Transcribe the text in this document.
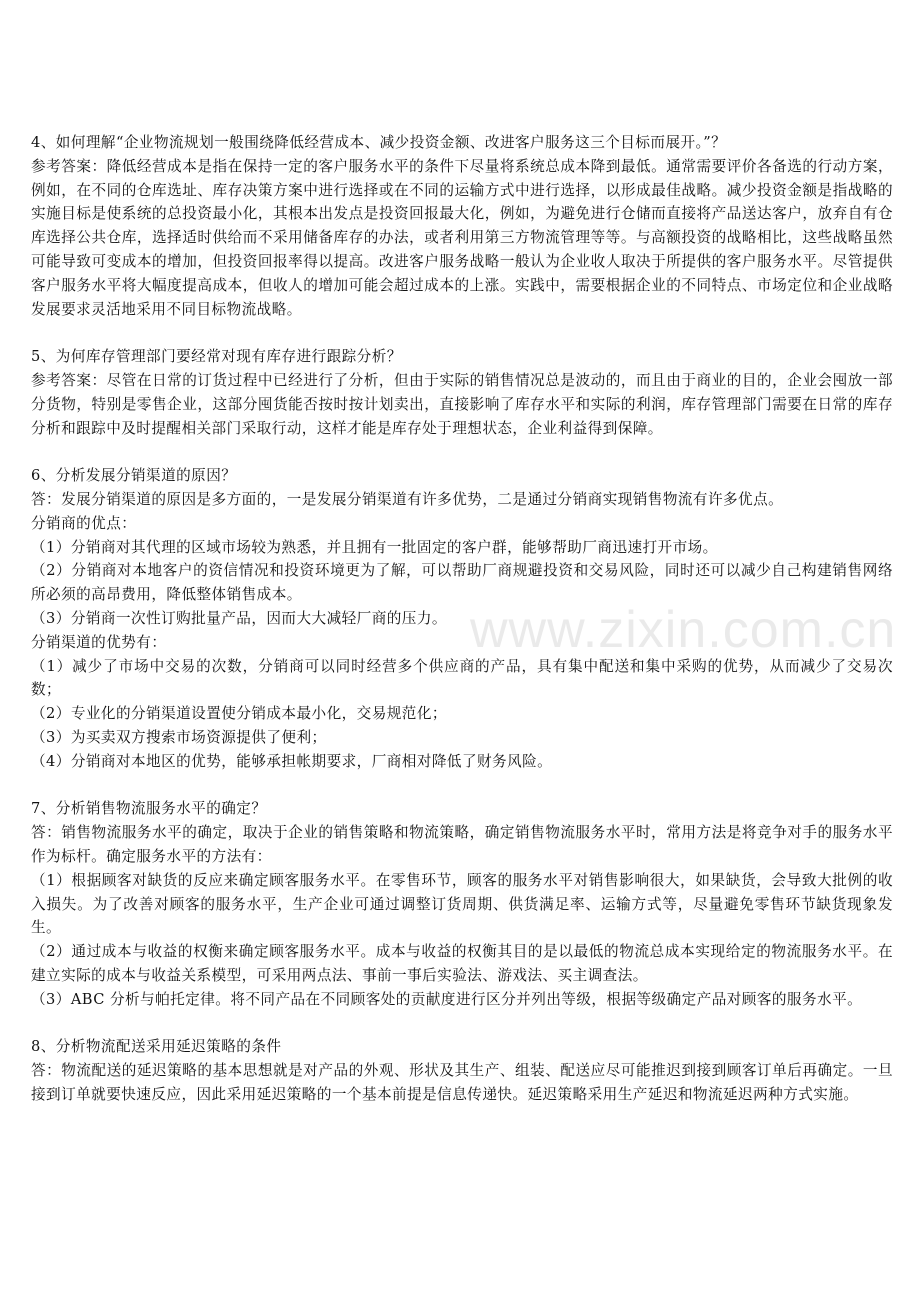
4、如何理解“企业物流规划一般围绕降低经营成本、减少投资金额、改进客户服务这三个目标而展开。”？

参考答案：降低经营成本是指在保持一定的客户服务水平的条件下尽量将系统总成本降到最低。通常需要评价各备选的行动方案，例如，在不同的仓库选址、库存决策方案中进行选择或在不同的运输方式中进行选择，以形成最佳战略。减少投资金额是指战略的实施目标是使系统的总投资最小化，其根本出发点是投资回报最大化，例如，为避免进行仓储而直接将产品送达客户，放弃自有仓库选择公共仓库，选择适时供给而不采用储备库存的办法，或者利用第三方物流管理等等。与高额投资的战略相比，这些战略虽然可能导致可变成本的增加，但投资回报率得以提高。改进客户服务战略一般认为企业收人取决于所提供的客户服务水平。尽管提供客户服务水平将大幅度提高成本，但收人的增加可能会超过成本的上涨。实践中，需要根据企业的不同特点、市场定位和企业战略发展要求灵活地采用不同目标物流战略。

5、为何库存管理部门要经常对现有库存进行跟踪分析？

参考答案：尽管在日常的订货过程中已经进行了分析，但由于实际的销售情况总是波动的，而且由于商业的目的，企业会囤放一部分货物，特别是零售企业，这部分囤货能否按时按计划卖出，直接影响了库存水平和实际的利润，库存管理部门需要在日常的库存分析和跟踪中及时提醒相关部门采取行动，这样才能是库存处于理想状态，企业利益得到保障。

6、分析发展分销渠道的原因？

答：发展分销渠道的原因是多方面的，一是发展分销渠道有许多优势，二是通过分销商实现销售物流有许多优点。

分销商的优点：

（1）分销商对其代理的区域市场较为熟悉，并且拥有一批固定的客户群，能够帮助厂商迅速打开市场。

（2）分销商对本地客户的资信情况和投资环境更为了解，可以帮助厂商规避投资和交易风险，同时还可以减少自己构建销售网络所必须的高昂费用，降低整体销售成本。

（3）分销商一次性订购批量产品，因而大大减轻厂商的压力。

分销渠道的优势有：

（1）减少了市场中交易的次数，分销商可以同时经营多个供应商的产品，具有集中配送和集中采购的优势，从而减少了交易次数；

（2）专业化的分销渠道设置使分销成本最小化，交易规范化；

（3）为买卖双方搜索市场资源提供了便利；

（4）分销商对本地区的优势，能够承担帐期要求，厂商相对降低了财务风险。

7、分析销售物流服务水平的确定？

答：销售物流服务水平的确定，取决于企业的销售策略和物流策略，确定销售物流服务水平时，常用方法是将竞争对手的服务水平作为标杆。确定服务水平的方法有：

（1）根据顾客对缺货的反应来确定顾客服务水平。在零售环节，顾客的服务水平对销售影响很大，如果缺货，会导致大批例的收入损失。为了改善对顾客的服务水平，生产企业可通过调整订货周期、供货满足率、运输方式等，尽量避免零售环节缺货现象发生。

（2）通过成本与收益的权衡来确定顾客服务水平。成本与收益的权衡其目的是以最低的物流总成本实现给定的物流服务水平。在建立实际的成本与收益关系模型，可采用两点法、事前一事后实验法、游戏法、买主调查法。

（3）ABC 分析与帕托定律。将不同产品在不同顾客处的贡献度进行区分并列出等级，根据等级确定产品对顾客的服务水平。

8、分析物流配送采用延迟策略的条件

答：物流配送的延迟策略的基本思想就是对产品的外观、形状及其生产、组装、配送应尽可能推迟到接到顾客订单后再确定。一旦接到订单就要快速反应，因此采用延迟策略的一个基本前提是信息传递快。延迟策略采用生产延迟和物流延迟两种方式实施。

www.zixin.com.cn
